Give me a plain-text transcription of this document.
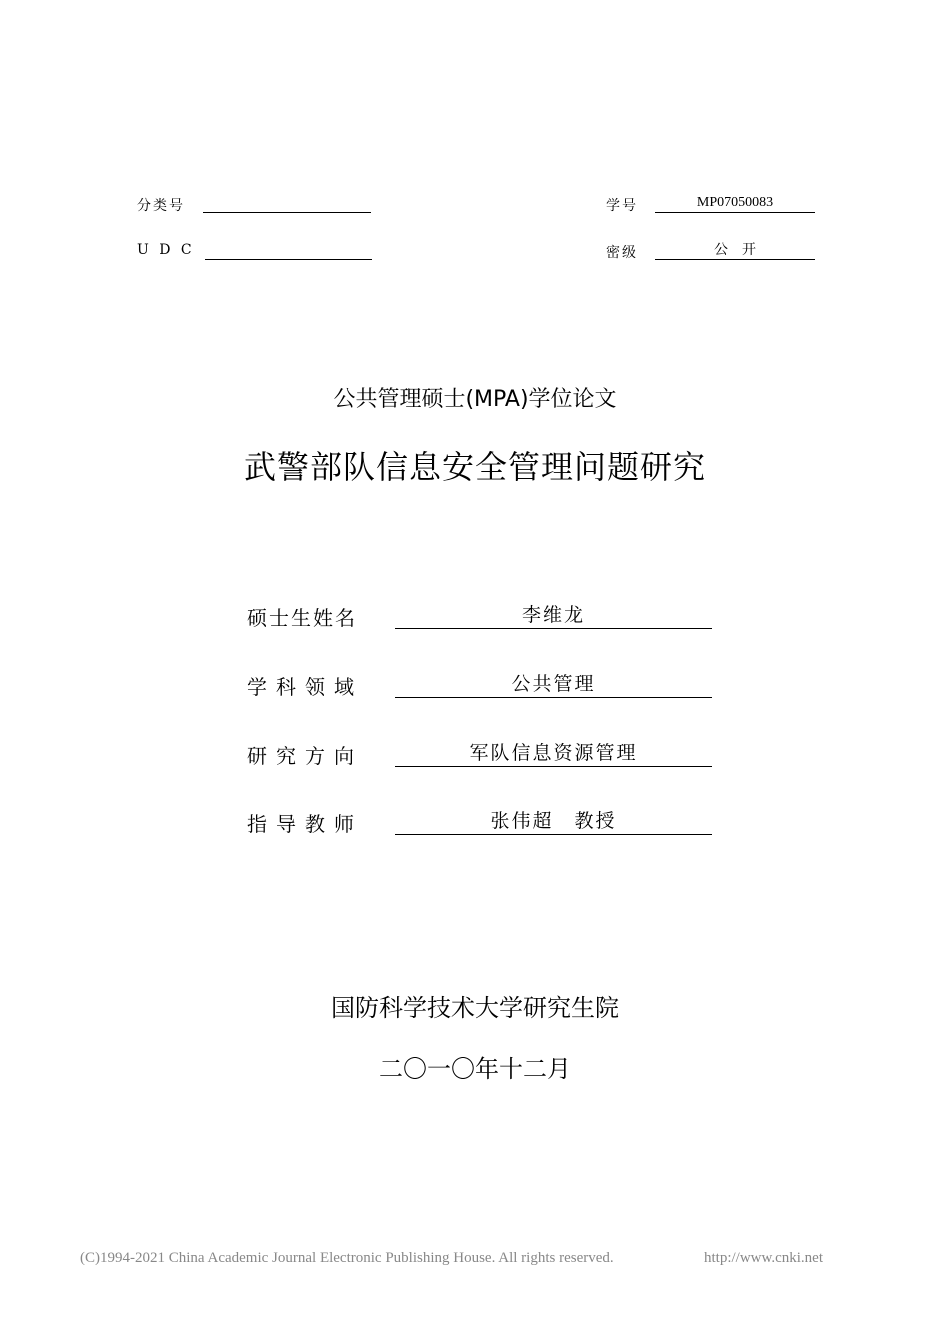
分类号
U D C
学号	MP07050083
密级	公　开
公共管理硕士(MPA)学位论文
武警部队信息安全管理问题研究
硕士生姓名	李维龙
学科领域	公共管理
研究方向	军队信息资源管理
指导教师	张伟超　教授
国防科学技术大学研究生院
二〇一〇年十二月
(C)1994-2021 China Academic Journal Electronic Publishing House. All rights reserved.	http://www.cnki.net
